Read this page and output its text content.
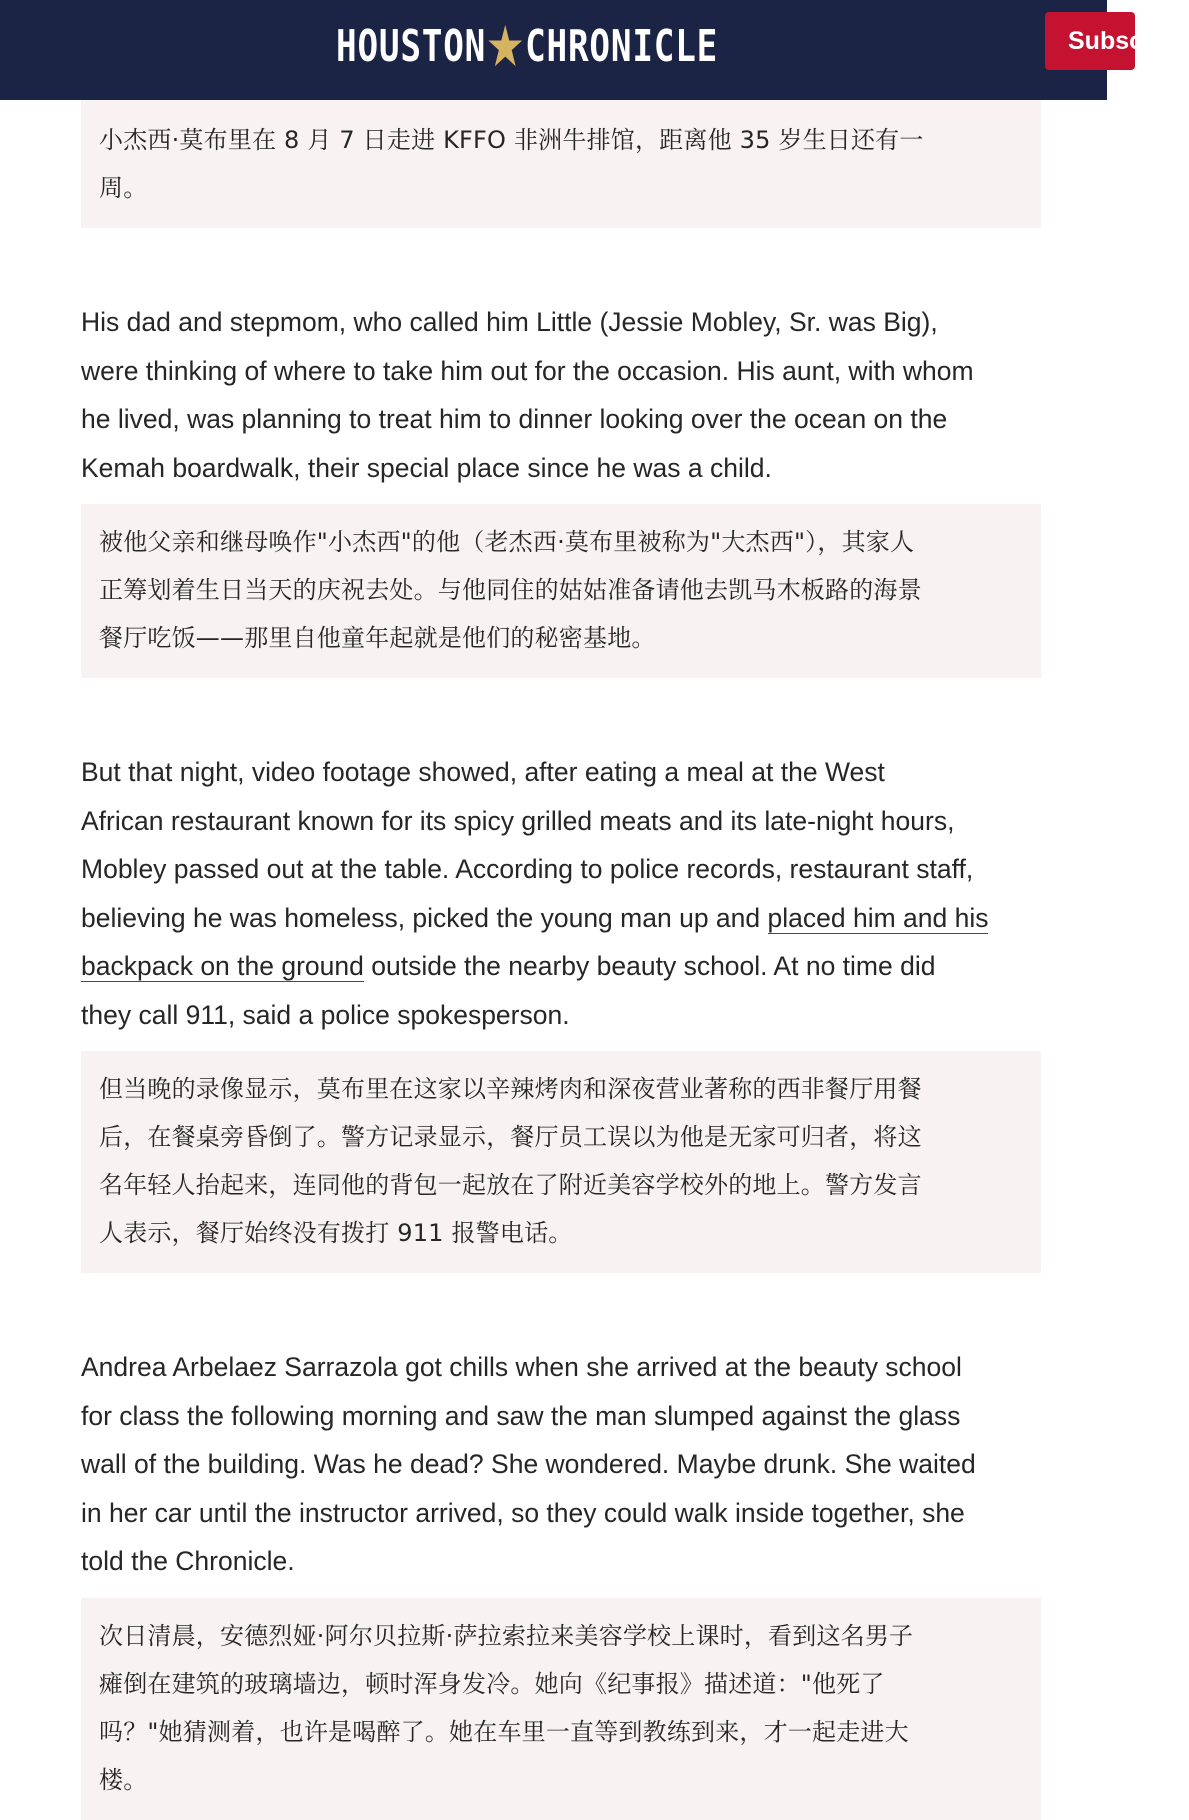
HOUSTON CHRONICLE	Subscribe
小杰西·莫布里在 8 月 7 日走进 KFFO 非洲牛排馆，距离他 35 岁生日还有一
周。
His dad and stepmom, who called him Little (Jessie Mobley, Sr. was Big),
were thinking of where to take him out for the occasion. His aunt, with whom
he lived, was planning to treat him to dinner looking over the ocean on the
Kemah boardwalk, their special place since he was a child.
被他父亲和继母唤作"小杰西"的他（老杰西·莫布里被称为"大杰西"），其家人
正筹划着生日当天的庆祝去处。与他同住的姑姑准备请他去凯马木板路的海景
餐厅吃饭——那里自他童年起就是他们的秘密基地。
But that night, video footage showed, after eating a meal at the West
African restaurant known for its spicy grilled meats and its late-night hours,
Mobley passed out at the table. According to police records, restaurant staff,
believing he was homeless, picked the young man up and placed him and his
backpack on the ground outside the nearby beauty school. At no time did
they call 911, said a police spokesperson.
但当晚的录像显示，莫布里在这家以辛辣烤肉和深夜营业著称的西非餐厅用餐
后，在餐桌旁昏倒了。警方记录显示，餐厅员工误以为他是无家可归者，将这
名年轻人抬起来，连同他的背包一起放在了附近美容学校外的地上。警方发言
人表示，餐厅始终没有拨打 911 报警电话。
Andrea Arbelaez Sarrazola got chills when she arrived at the beauty school
for class the following morning and saw the man slumped against the glass
wall of the building. Was he dead? She wondered. Maybe drunk. She waited
in her car until the instructor arrived, so they could walk inside together, she
told the Chronicle.
次日清晨，安德烈娅·阿尔贝拉斯·萨拉索拉来美容学校上课时，看到这名男子
瘫倒在建筑的玻璃墙边，顿时浑身发冷。她向《纪事报》描述道："他死了
吗？"她猜测着，也许是喝醉了。她在车里一直等到教练到来，才一起走进大
楼。
